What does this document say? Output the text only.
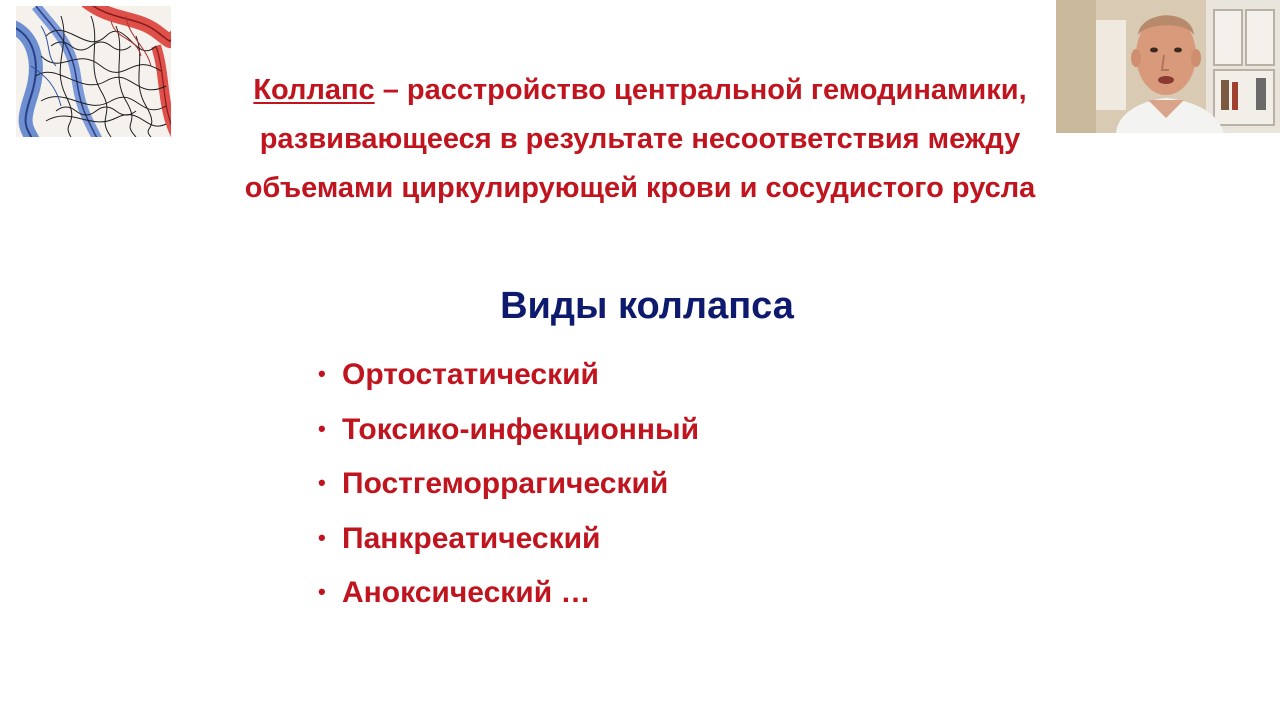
Коллапс – расстройство центральной гемодинамики,
развивающееся в результате несоответствия между
объемами циркулирующей крови и сосудистого русла

Виды коллапса
• Ортостатический
• Токсико-инфекционный
• Постгеморрагический
• Панкреатический
• Аноксический …
